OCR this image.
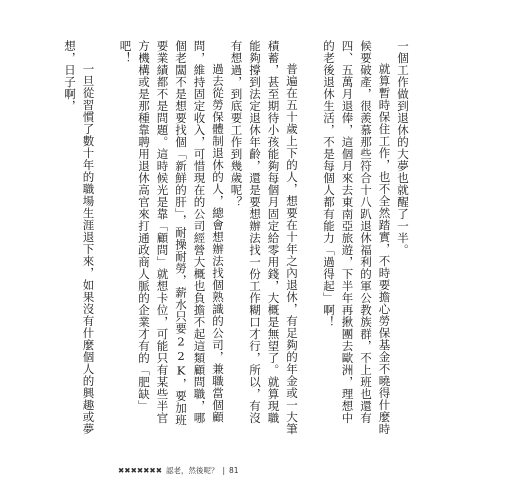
一個工作做到退休的大夢也就醒了一半。

就算暫時保住工作，也不全然踏實，不時要擔心勞保基金不曉得什麼時候要破產，很羨慕那些符合十八趴退休福利的軍公教族群，不上班也還有四、五萬月退俸，這個月來去東南亞旅遊，下半年再揪團去歐洲，理想中的老後退休生活，不是每個人都有能力「過得起」啊！

普遍在五十歲上下的人，想要在十年之內退休，有足夠的年金或一大筆積蓄，甚至期待小孩能夠每個月固定給零用錢，大概是無望了。就算現職能夠撐到法定退休年齡，還是要想辦法找一份工作糊口才行，所以，有沒有想過，到底要工作到幾歲呢？

過去從勞保體制退休的人，總會想辦法找個熟識的公司，兼職當個顧問，維持固定收入，可惜現在的公司經營大概也負擔不起這類顧問職，哪個老闆不是想要找個「新鮮的肝」，耐操耐勞，薪水只要22K，要加班要業績都不是問題。這時候光是靠「顧問」就想卡位，可能只有某些半官方機構或是那種靠聘用退休高官來打通政商人脈的企業才有的「肥缺」吧！

一旦從習慣了數十年的職場生涯退下來，如果沒有什麼個人的興趣或夢想，日子啊，

✖✖✖✖✖✖✖ 認老，然後呢？ | 81
